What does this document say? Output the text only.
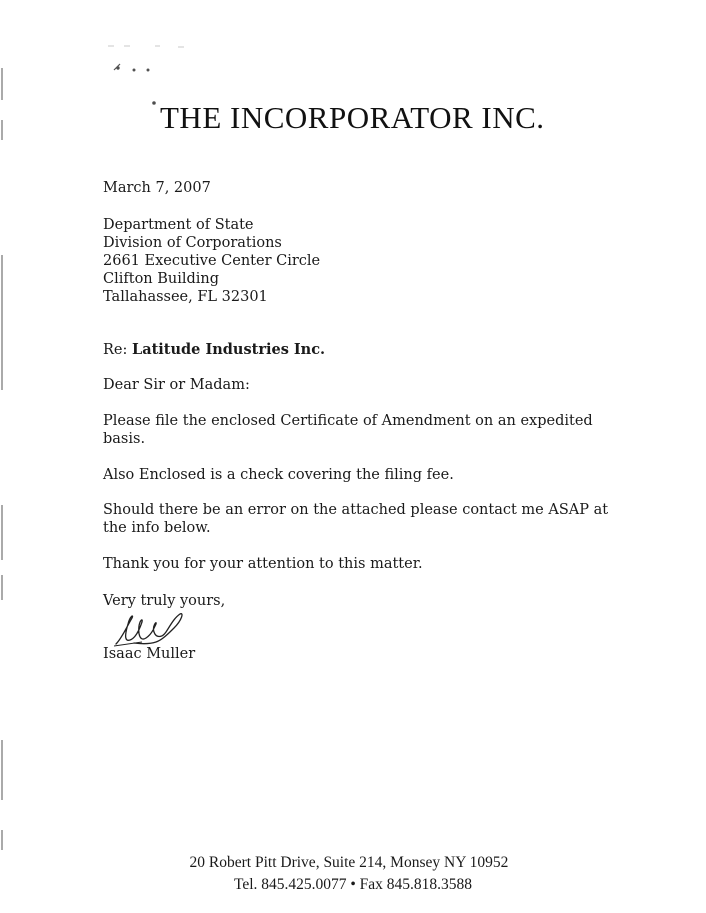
THE INCORPORATOR INC.
March 7, 2007
Department of State
Division of Corporations
2661 Executive Center Circle
Clifton Building
Tallahassee, FL 32301
Re: Latitude Industries Inc.
Dear Sir or Madam:
Please file the enclosed Certificate of Amendment on an expedited
basis.
Also Enclosed is a check covering the filing fee.
Should there be an error on the attached please contact me ASAP at
the info below.
Thank you for your attention to this matter.
Very truly yours,
Isaac Muller
20 Robert Pitt Drive, Suite 214, Monsey NY 10952
Tel. 845.425.0077 • Fax 845.818.3588
